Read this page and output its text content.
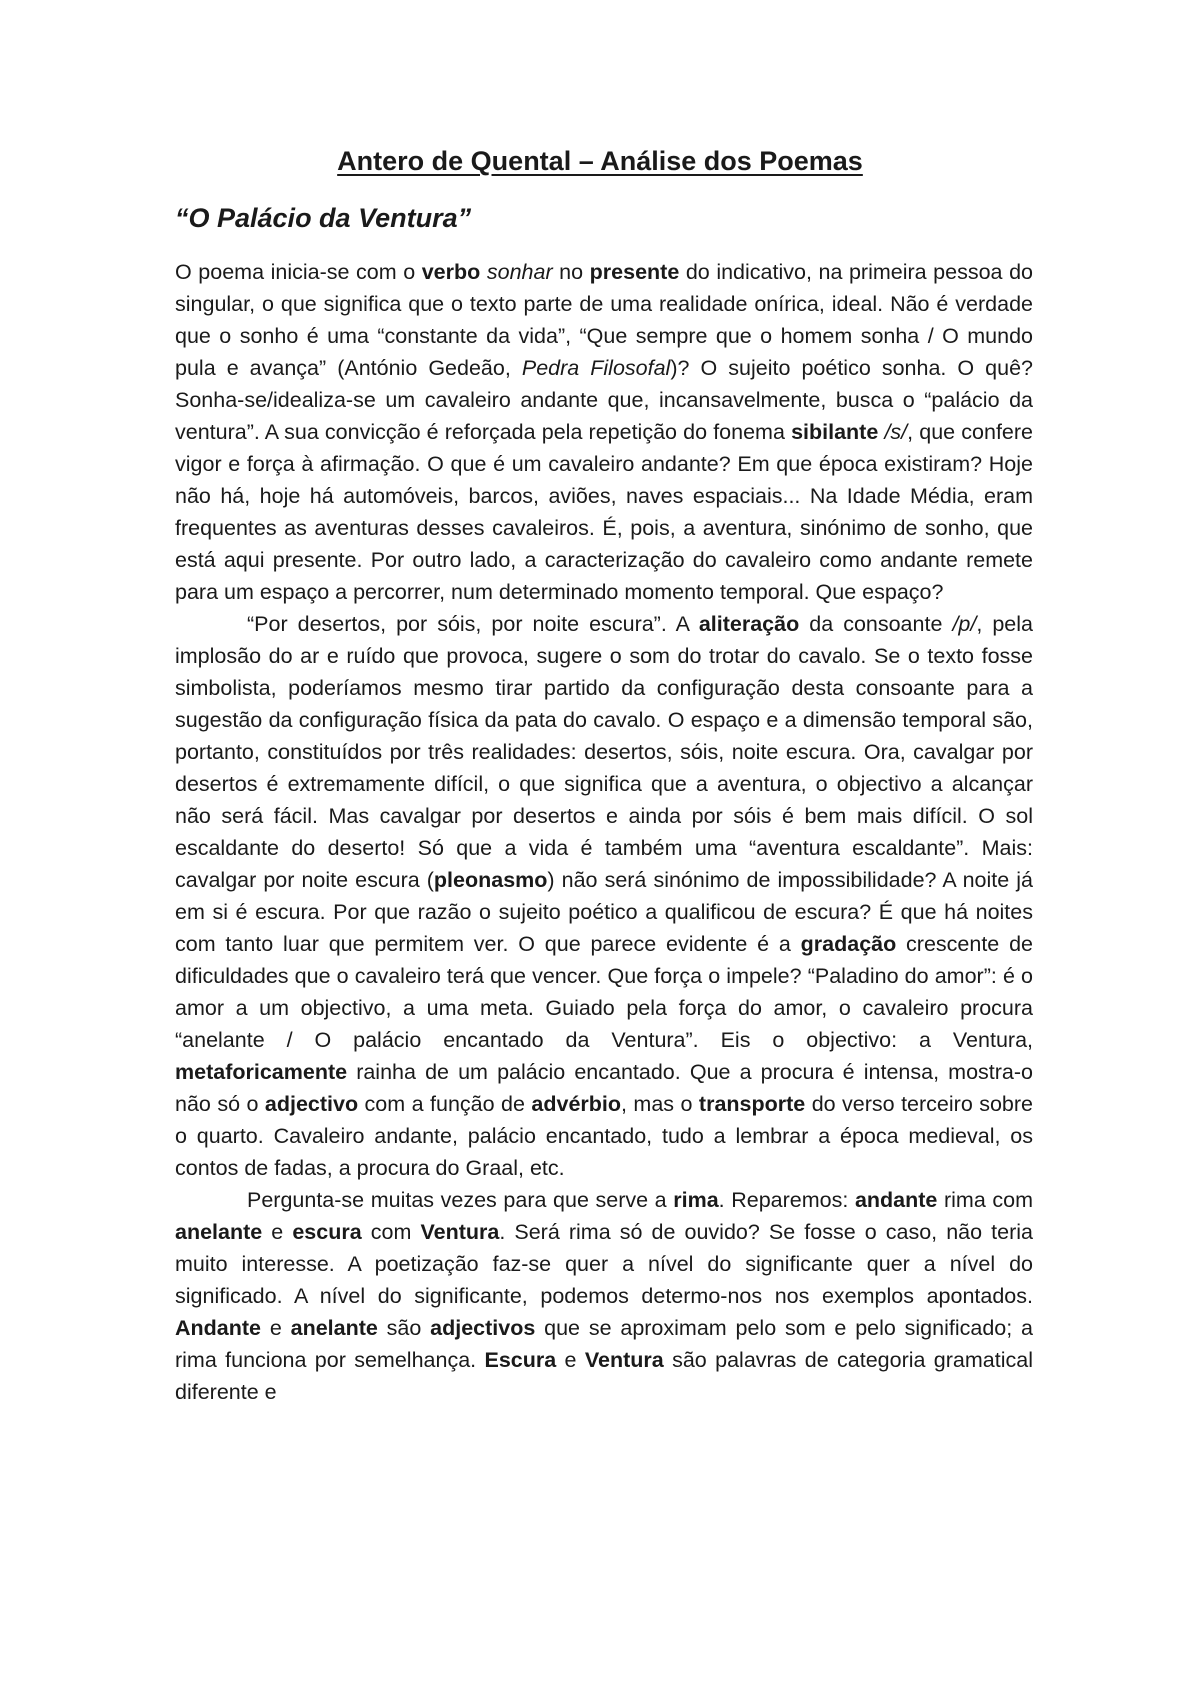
Antero de Quental – Análise dos Poemas
“O Palácio da Ventura”

O poema inicia-se com o verbo sonhar no presente do indicativo, na primeira pessoa do singular, o que significa que o texto parte de uma realidade onírica, ideal. Não é verdade que o sonho é uma “constante da vida”, “Que sempre que o homem sonha / O mundo pula e avança” (António Gedeão, Pedra Filosofal)? O sujeito poético sonha. O quê? Sonha-se/idealiza-se um cavaleiro andante que, incansavelmente, busca o “palácio da ventura”. A sua convicção é reforçada pela repetição do fonema sibilante /s/, que confere vigor e força à afirmação. O que é um cavaleiro andante? Em que época existiram? Hoje não há, hoje há automóveis, barcos, aviões, naves espaciais... Na Idade Média, eram frequentes as aventuras desses cavaleiros. É, pois, a aventura, sinónimo de sonho, que está aqui presente. Por outro lado, a caracterização do cavaleiro como andante remete para um espaço a percorrer, num determinado momento temporal. Que espaço?

“Por desertos, por sóis, por noite escura”. A aliteração da consoante /p/, pela implosão do ar e ruído que provoca, sugere o som do trotar do cavalo. Se o texto fosse simbolista, poderíamos mesmo tirar partido da configuração desta consoante para a sugestão da configuração física da pata do cavalo. O espaço e a dimensão temporal são, portanto, constituídos por três realidades: desertos, sóis, noite escura. Ora, cavalgar por desertos é extremamente difícil, o que significa que a aventura, o objectivo a alcançar não será fácil. Mas cavalgar por desertos e ainda por sóis é bem mais difícil. O sol escaldante do deserto! Só que a vida é também uma “aventura escaldante”. Mais: cavalgar por noite escura (pleonasmo) não será sinónimo de impossibilidade? A noite já em si é escura. Por que razão o sujeito poético a qualificou de escura? É que há noites com tanto luar que permitem ver. O que parece evidente é a gradação crescente de dificuldades que o cavaleiro terá que vencer. Que força o impele? “Paladino do amor”: é o amor a um objectivo, a uma meta. Guiado pela força do amor, o cavaleiro procura “anelante / O palácio encantado da Ventura”. Eis o objectivo: a Ventura, metaforicamente rainha de um palácio encantado. Que a procura é intensa, mostra-o não só o adjectivo com a função de advérbio, mas o transporte do verso terceiro sobre o quarto. Cavaleiro andante, palácio encantado, tudo a lembrar a época medieval, os contos de fadas, a procura do Graal, etc.

Pergunta-se muitas vezes para que serve a rima. Reparemos: andante rima com anelante e escura com Ventura. Será rima só de ouvido? Se fosse o caso, não teria muito interesse. A poetização faz-se quer a nível do significante quer a nível do significado. A nível do significante, podemos determo-nos nos exemplos apontados. Andante e anelante são adjectivos que se aproximam pelo som e pelo significado; a rima funciona por semelhança. Escura e Ventura são palavras de categoria gramatical diferente e
